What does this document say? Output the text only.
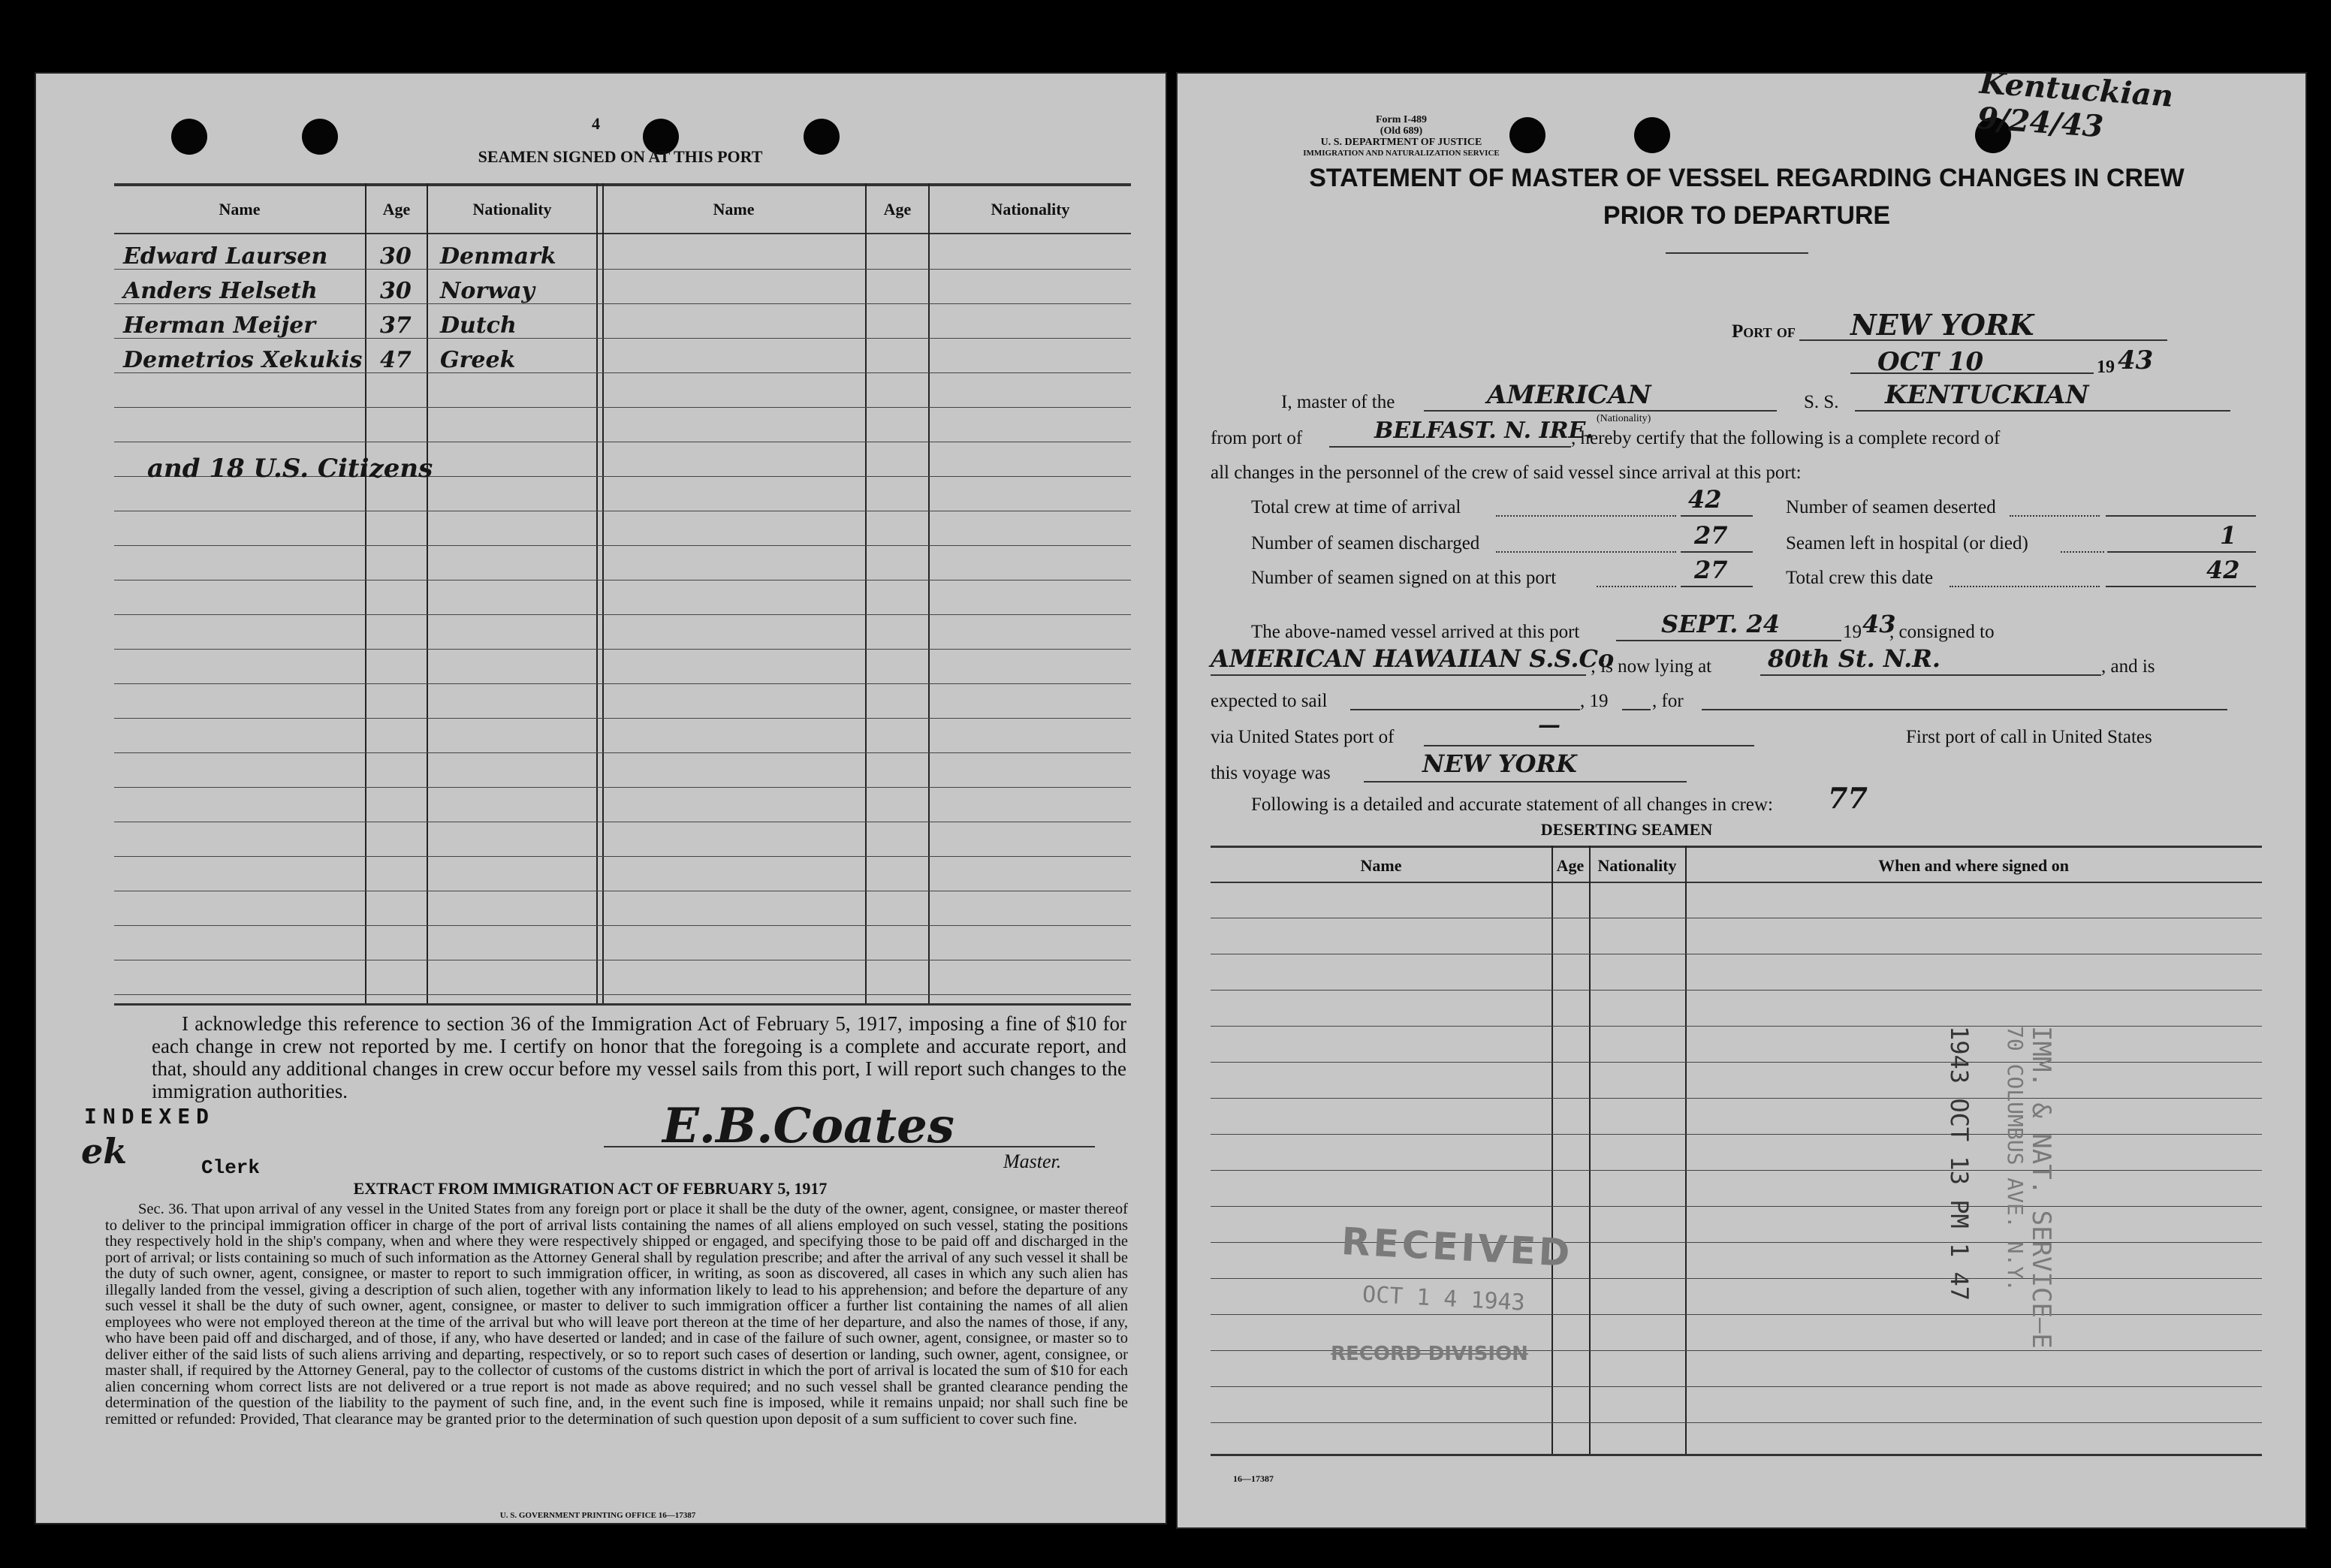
4
SEAMEN SIGNED ON AT THIS PORT
Name	Age	Nationality	Name	Age	Nationality
Edward Laursen 30 Denmark
Anders Helseth	30 Norway
Herman Meijer	37 Dutch
Demetrios Xekukis 47 Greek
and 18 U.S. Citizens
I acknowledge this reference to section 36 of the Immigration Act of February 5, 1917, imposing a fine of $10 for each change in crew not reported by me. I certify on honor that the foregoing is a complete and accurate report, and that, should any additional changes in crew occur before my vessel sails from this port, I will report such changes to the immigration authorities.
INDEXED
ek	Clerk
E.B.Coates
Master.
EXTRACT FROM IMMIGRATION ACT OF FEBRUARY 5, 1917
Sec. 36. That upon arrival of any vessel in the United States from any foreign port or place it shall be the duty of the owner, agent, consignee, or master thereof to deliver to the principal immigration officer in charge of the port of arrival lists containing the names of all aliens employed on such vessel, stating the positions they respectively hold in the ship's company, when and where they were respectively shipped or engaged, and specifying those to be paid off and discharged in the port of arrival; or lists containing so much of such information as the Attorney General shall by regulation prescribe; and after the arrival of any such vessel it shall be the duty of such owner, agent, consignee, or master to report to such immigration officer, in writing, as soon as discovered, all cases in which any such alien has illegally landed from the vessel, giving a description of such alien, together with any information likely to lead to his apprehension; and before the departure of any such vessel it shall be the duty of such owner, agent, consignee, or master to deliver to such immigration officer a further list containing the names of all alien employees who were not employed thereon at the time of the arrival but who will leave port thereon at the time of her departure, and also the names of those, if any, who have been paid off and discharged, and of those, if any, who have deserted or landed; and in case of the failure of such owner, agent, consignee, or master so to deliver either of the said lists of such aliens arriving and departing, respectively, or so to report such cases of desertion or landing, such owner, agent, consignee, or master shall, if required by the Attorney General, pay to the collector of customs of the customs district in which the port of arrival is located the sum of $10 for each alien concerning whom correct lists are not delivered or a true report is not made as above required; and no such vessel shall be granted clearance pending the determination of the question of the liability to the payment of such fine, and, in the event such fine is imposed, while it remains unpaid; nor shall such fine be remitted or refunded: Provided, That clearance may be granted prior to the determination of such question upon deposit of a sum sufficient to cover such fine.
U. S. GOVERNMENT PRINTING OFFICE 16—17387
Form I-489
(Old 689)
U. S. DEPARTMENT OF JUSTICE
IMMIGRATION AND NATURALIZATION SERVICE
Kentuckian 9/24/43
STATEMENT OF MASTER OF VESSEL REGARDING CHANGES IN CREW
PRIOR TO DEPARTURE
Port of NEW YORK
OCT 10	19 43
I, master of the	AMERICAN	S. S. KENTUCKIAN
(Nationality)
from port of	BELFAST. N. IRE.
, hereby certify that the following is a complete record of
all changes in the personnel of the crew of said vessel since arrival at this port:
Total crew at time of arrival	42
Number of seamen discharged	27
Number of seamen signed on at this port	27
Number of seamen deserted
Seamen left in hospital (or died)	1
Total crew this date	42
The above-named vessel arrived at this port	SEPT. 24	19 43
, consigned to
AMERICAN HAWAIIAN S.S.Co
; is now lying at 80th St. N.R.	, and is
expected to sail	, 19 , for
via United States port of	—	First port of call in United States
this voyage was	NEW YORK
Following is a detailed and accurate statement of all changes in crew: 77
DESERTING SEAMEN
Name	Age Nationality	When and where signed on
RECEIVED
OCT 1 4 1943
RECORD DIVISION
IMM. & NAT. SERVICE—E
70 COLUMBUS AVE. N.Y.
1943 OCT 13 PM 1 47
16—17387
